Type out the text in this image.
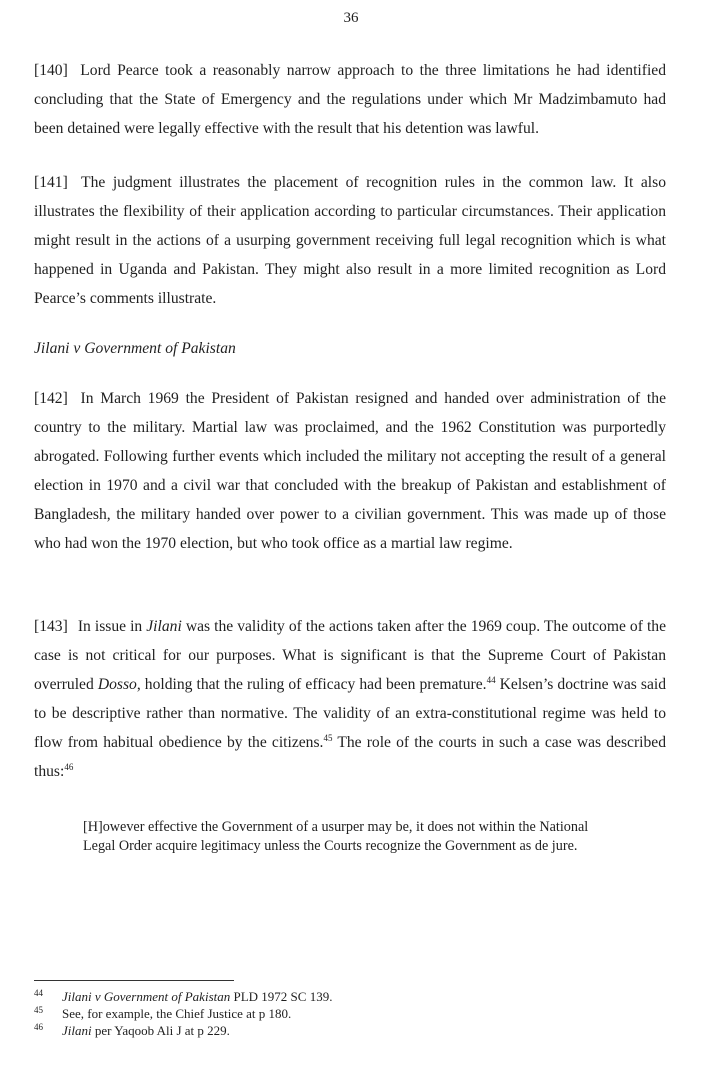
36

[140] Lord Pearce took a reasonably narrow approach to the three limitations he had identified concluding that the State of Emergency and the regulations under which Mr Madzimbamuto had been detained were legally effective with the result that his detention was lawful.

[141] The judgment illustrates the placement of recognition rules in the common law. It also illustrates the flexibility of their application according to particular circumstances. Their application might result in the actions of a usurping government receiving full legal recognition which is what happened in Uganda and Pakistan. They might also result in a more limited recognition as Lord Pearce’s comments illustrate.

Jilani v Government of Pakistan

[142] In March 1969 the President of Pakistan resigned and handed over administration of the country to the military. Martial law was proclaimed, and the 1962 Constitution was purportedly abrogated. Following further events which included the military not accepting the result of a general election in 1970 and a civil war that concluded with the breakup of Pakistan and establishment of Bangladesh, the military handed over power to a civilian government. This was made up of those who had won the 1970 election, but who took office as a martial law regime.

[143] In issue in Jilani was the validity of the actions taken after the 1969 coup. The outcome of the case is not critical for our purposes. What is significant is that the Supreme Court of Pakistan overruled Dosso, holding that the ruling of efficacy had been premature.$^{44}$ Kelsen’s doctrine was said to be descriptive rather than normative. The validity of an extra-constitutional regime was held to flow from habitual obedience by the citizens.$^{45}$ The role of the courts in such a case was described thus:$^{46}$

[H]owever effective the Government of a usurper may be, it does not within the National Legal Order acquire legitimacy unless the Courts recognize the Government as de jure.

44	Jilani v Government of Pakistan PLD 1972 SC 139.
45	See, for example, the Chief Justice at p 180.
46	Jilani per Yaqoob Ali J at p 229.
